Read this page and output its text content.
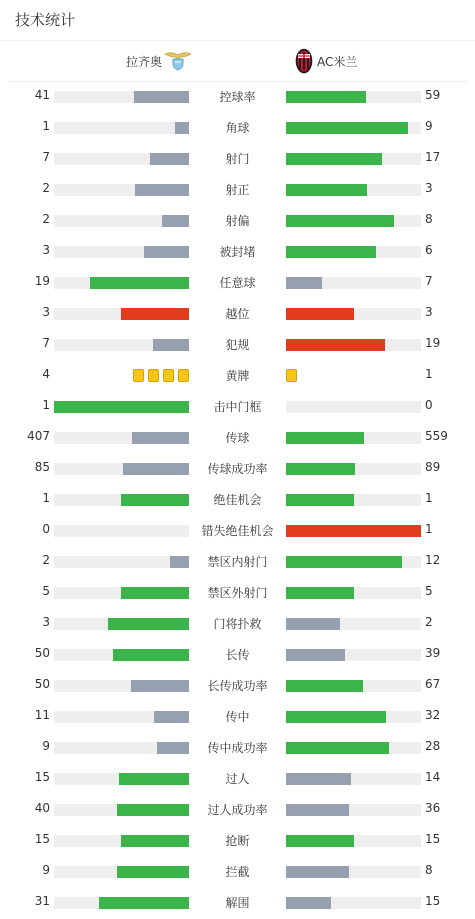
技术统计
拉齐奥	AC米兰
41	控球率	59
1	角球	9
7	射门	17
2	射正	3
2	射偏	8
3	被封堵	6
19	任意球	7
3	越位	3
7	犯规	19
4	黄牌	1
1	击中门框	0
407	传球	559
85	传球成功率	89
1	绝佳机会	1
0	错失绝佳机会	1
2	禁区内射门	12
5	禁区外射门	5
3	门将扑救	2
50	长传	39
50	长传成功率	67
11	传中	32
9	传中成功率	28
15	过人	14
40	过人成功率	36
15	抢断	15
9	拦截	8
31	解围	15
